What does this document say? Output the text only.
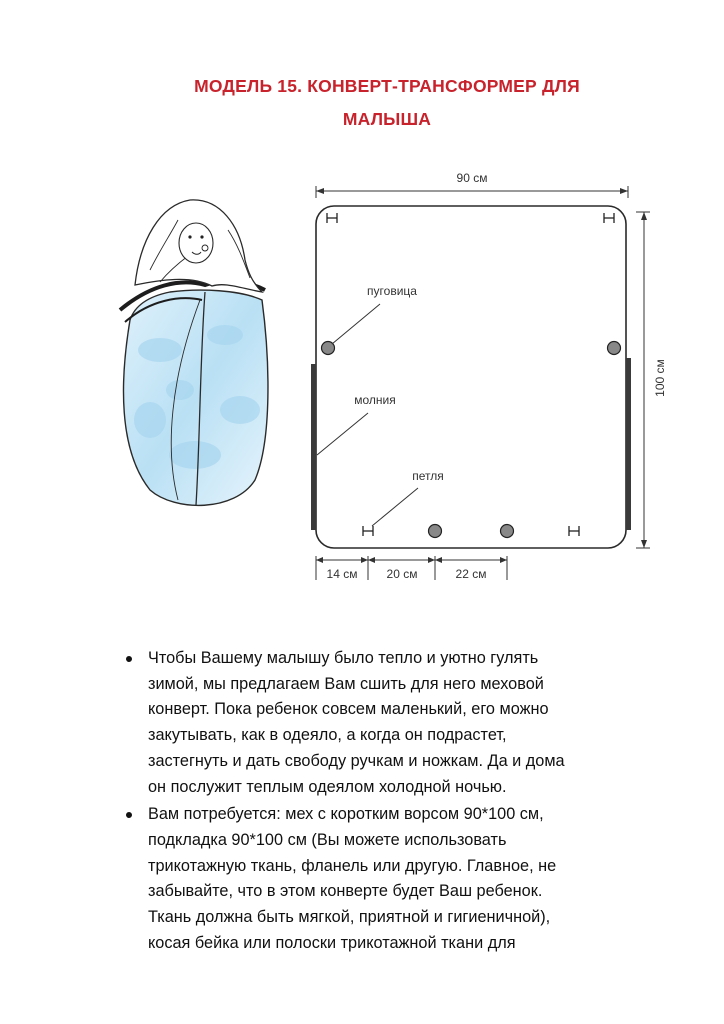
МОДЕЛЬ 15. КОНВЕРТ-ТРАНСФОРМЕР ДЛЯ
МАЛЫША
90 см
100 см
пуговица
молния
петля
14 см 20 см	22 см
Чтобы Вашему малышу было тепло и уютно гулять
зимой, мы предлагаем Вам сшить для него меховой
конверт. Пока ребенок совсем маленький, его можно
закутывать, как в одеяло, а когда он подрастет,
застегнуть и дать свободу ручкам и ножкам. Да и дома
он послужит теплым одеялом холодной ночью.
Вам потребуется: мех с коротким ворсом 90*100 см,
подкладка 90*100 см (Вы можете использовать
трикотажную ткань, фланель или другую. Главное, не
забывайте, что в этом конверте будет Ваш ребенок.
Ткань должна быть мягкой, приятной и гигиеничной),
косая бейка или полоски трикотажной ткани для
